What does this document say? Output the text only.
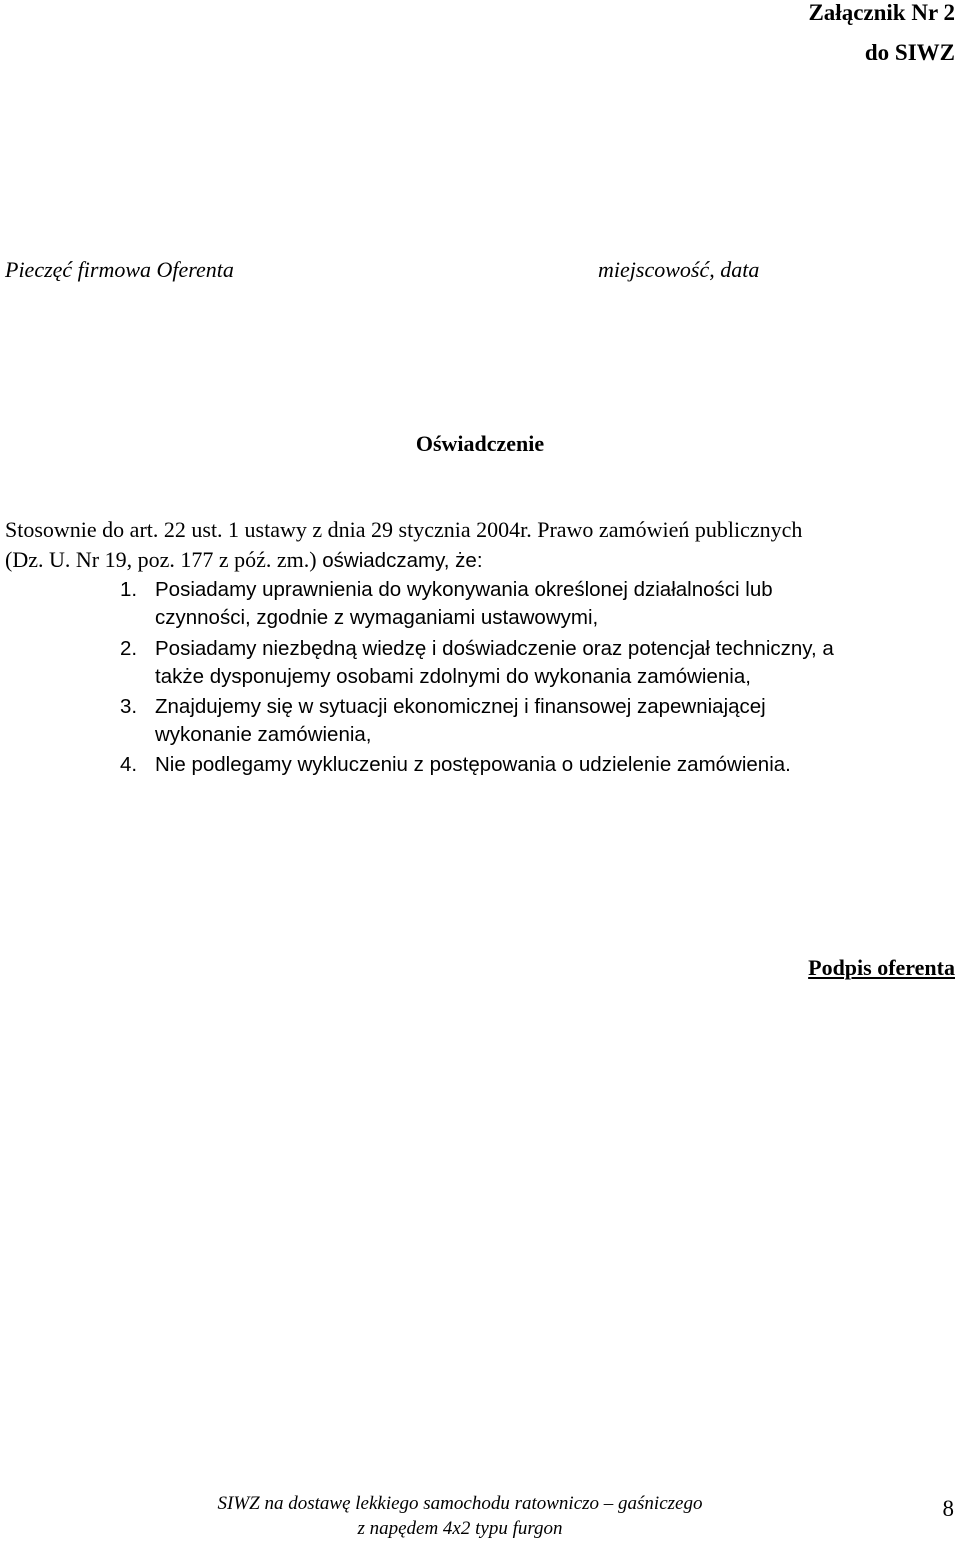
Załącznik Nr 2
do SIWZ
Pieczęć firmowa Oferenta	miejscowość, data
Oświadczenie
Stosownie do art. 22 ust. 1 ustawy z dnia 29 stycznia 2004r. Prawo zamówień publicznych
(Dz. U. Nr 19, poz. 177 z póź. zm.) oświadczamy, że:
1. Posiadamy uprawnienia do wykonywania określonej działalności lub
czynności, zgodnie z wymaganiami ustawowymi,
2. Posiadamy niezbędną wiedzę i doświadczenie oraz potencjał techniczny, a
także dysponujemy osobami zdolnymi do wykonania zamówienia,
3. Znajdujemy się w sytuacji ekonomicznej i finansowej zapewniającej
wykonanie zamówienia,
4. Nie podlegamy wykluczeniu z postępowania o udzielenie zamówienia.
Podpis oferenta
SIWZ na dostawę lekkiego samochodu ratowniczo – gaśniczego
z napędem 4x2 typu furgon
8
